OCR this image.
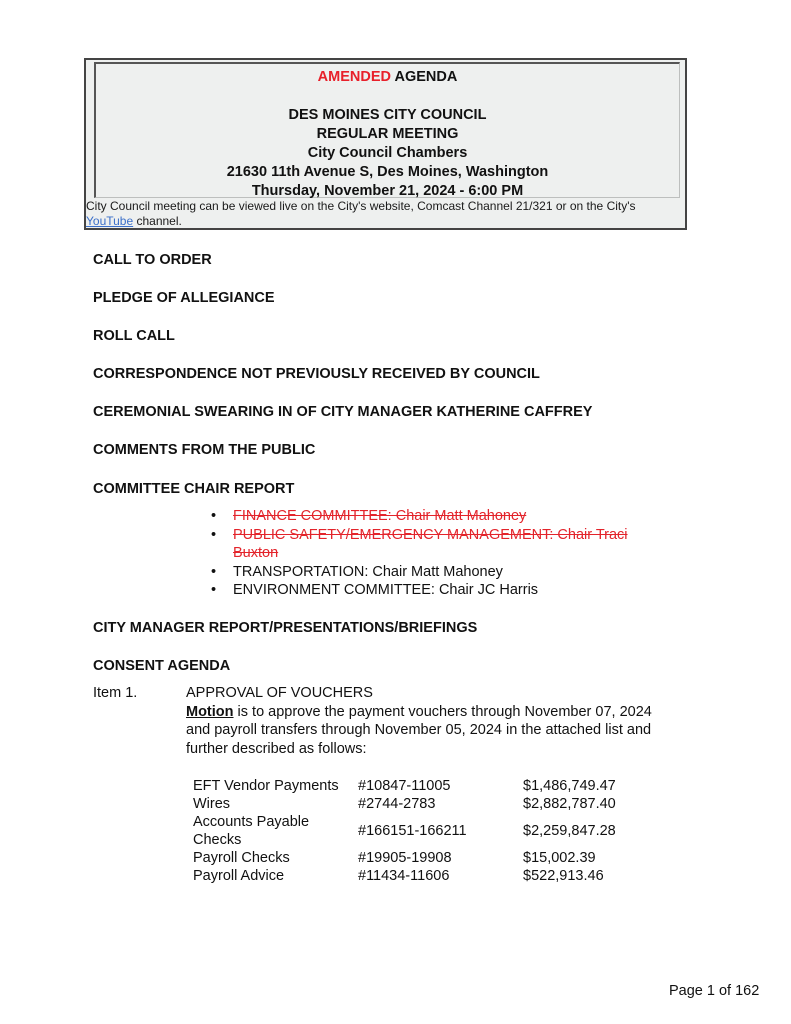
AMENDED AGENDA
DES MOINES CITY COUNCIL
REGULAR MEETING
City Council Chambers
21630 11th Avenue S, Des Moines, Washington
Thursday, November 21, 2024 - 6:00 PM
City Council meeting can be viewed live on the City's website, Comcast Channel 21/321 or on the City's YouTube channel.
CALL TO ORDER
PLEDGE OF ALLEGIANCE
ROLL CALL
CORRESPONDENCE NOT PREVIOUSLY RECEIVED BY COUNCIL
CEREMONIAL SWEARING IN OF CITY MANAGER KATHERINE CAFFREY
COMMENTS FROM THE PUBLIC
COMMITTEE CHAIR REPORT
• FINANCE COMMITTEE: Chair Matt Mahoney
• PUBLIC SAFETY/EMERGENCY MANAGEMENT: Chair Traci Buxton
• TRANSPORTATION: Chair Matt Mahoney
• ENVIRONMENT COMMITTEE: Chair JC Harris
CITY MANAGER REPORT/PRESENTATIONS/BRIEFINGS
CONSENT AGENDA
Item 1.	APPROVAL OF VOUCHERS
Motion is to approve the payment vouchers through November 07, 2024 and payroll transfers through November 05, 2024 in the attached list and further described as follows:
EFT Vendor Payments	#10847-11005	$1,486,749.47
Wires	#2744-2783	$2,882,787.40
Accounts Payable Checks	#166151-166211	$2,259,847.28
Payroll Checks	#19905-19908	$15,002.39
Payroll Advice	#11434-11606	$522,913.46
Page 1 of 162
